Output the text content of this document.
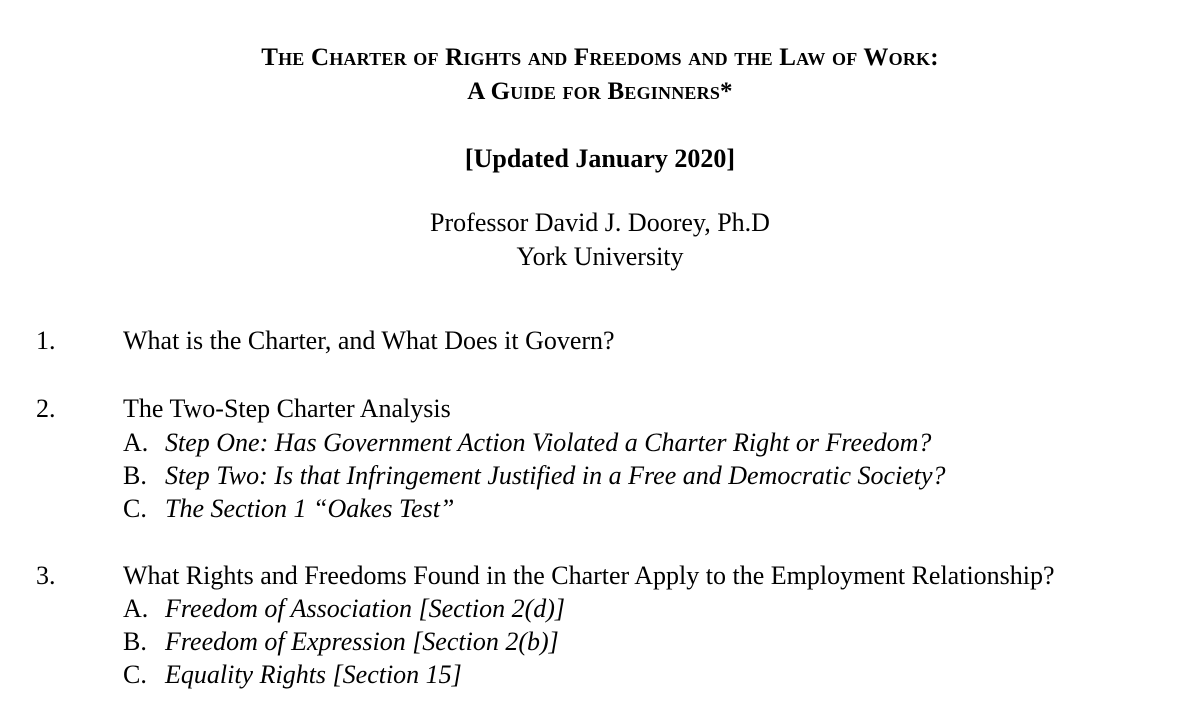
The Charter of Rights and Freedoms and the Law of Work:
A Guide for Beginners*
[Updated January 2020]
Professor David J. Doorey, Ph.D
York University
1.	What is the Charter, and What Does it Govern?
2.	The Two-Step Charter Analysis
A. Step One: Has Government Action Violated a Charter Right or Freedom?
B. Step Two: Is that Infringement Justified in a Free and Democratic Society?
C. The Section 1 “Oakes Test”
3.	What Rights and Freedoms Found in the Charter Apply to the Employment Relationship?
A. Freedom of Association [Section 2(d)]
B. Freedom of Expression [Section 2(b)]
C. Equality Rights [Section 15]
